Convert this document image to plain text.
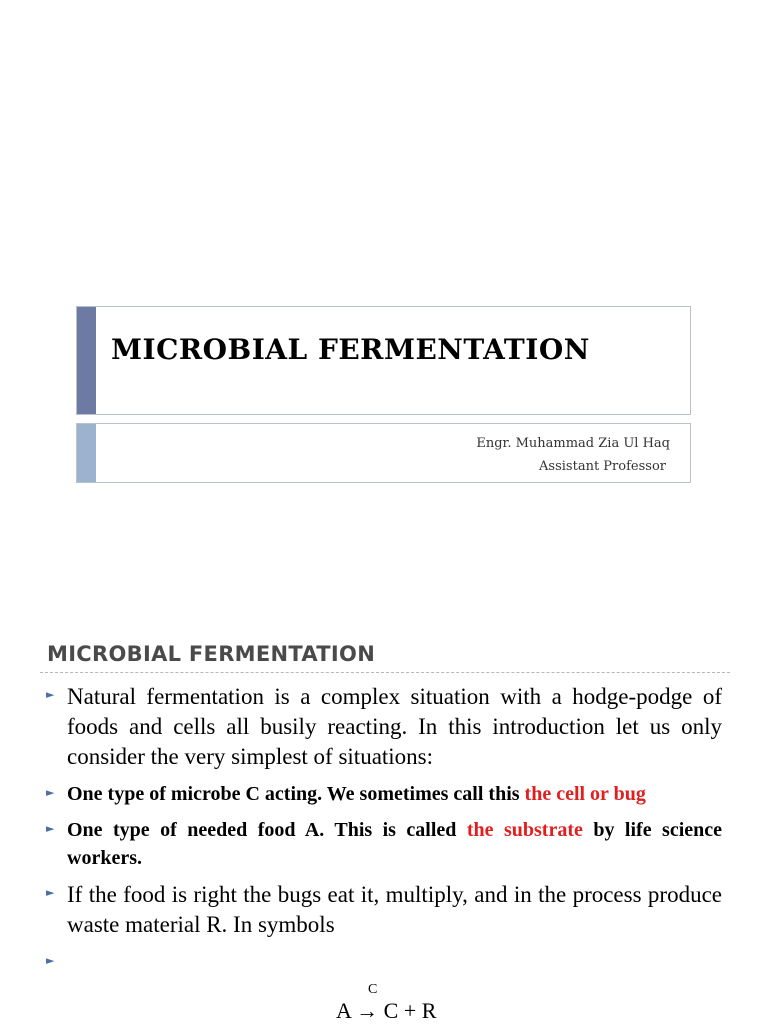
MICROBIAL FERMENTATION
Engr. Muhammad Zia Ul Haq
Assistant Professor
MICROBIAL FERMENTATION
► Natural fermentation is a complex situation with a hodge-podge of foods and cells all busily reacting. In this introduction let us only consider the very simplest of situations:
► One type of microbe C acting. We sometimes call this the cell or bug
► One type of needed food A. This is called the substrate by life science workers.
► If the food is right the bugs eat it, multiply, and in the process produce waste material R. In symbols
►

C
A → C + R
